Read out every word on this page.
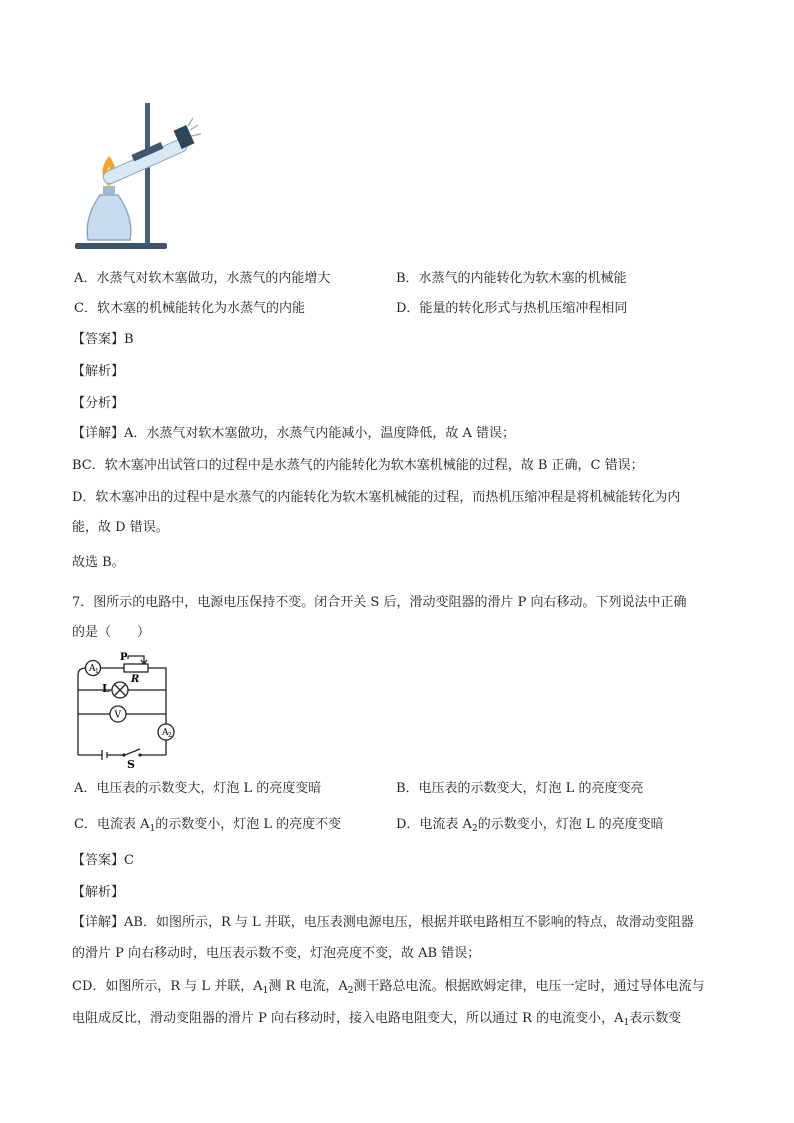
A．水蒸气对软木塞做功，水蒸气的内能增大	B．水蒸气的内能转化为软木塞的机械能
C．软木塞的机械能转化为水蒸气的内能	D．能量的转化形式与热机压缩冲程相同
【答案】B
【解析】
【分析】
【详解】A．水蒸气对软木塞做功，水蒸气内能减小，温度降低，故 A 错误；
BC．软木塞冲出试管口的过程中是水蒸气的内能转化为软木塞机械能的过程，故 B 正确，C 错误；
D．软木塞冲出的过程中是水蒸气的内能转化为软木塞机械能的过程，而热机压缩冲程是将机械能转化为内
能，故 D 错误。
故选 B。
7．图所示的电路中，电源电压保持不变。闭合开关 S 后，滑动变阻器的滑片 P 向右移动。下列说法中正确
的是（　　）
A 1
P
R
L
V
A 2
S
A．电压表的示数变大，灯泡 L 的亮度变暗	B．电压表的示数变大，灯泡 L 的亮度变亮
C．电流表 $A_1$的示数变小，灯泡 L 的亮度不变	D．电流表 $A_2$的示数变小，灯泡 L 的亮度变暗
【答案】C
【解析】
【详解】AB．如图所示，R 与 L 并联，电压表测电源电压，根据并联电路相互不影响的特点，故滑动变阻器
的滑片 P 向右移动时，电压表示数不变，灯泡亮度不变，故 AB 错误；
CD．如图所示，R 与 L 并联，$A_1$测 R 电流，$A_2$测干路总电流。根据欧姆定律，电压一定时，通过导体电流与
电阻成反比，滑动变阻器的滑片 P 向右移动时，接入电路电阻变大，所以通过 R 的电流变小，$A_1$表示数变
